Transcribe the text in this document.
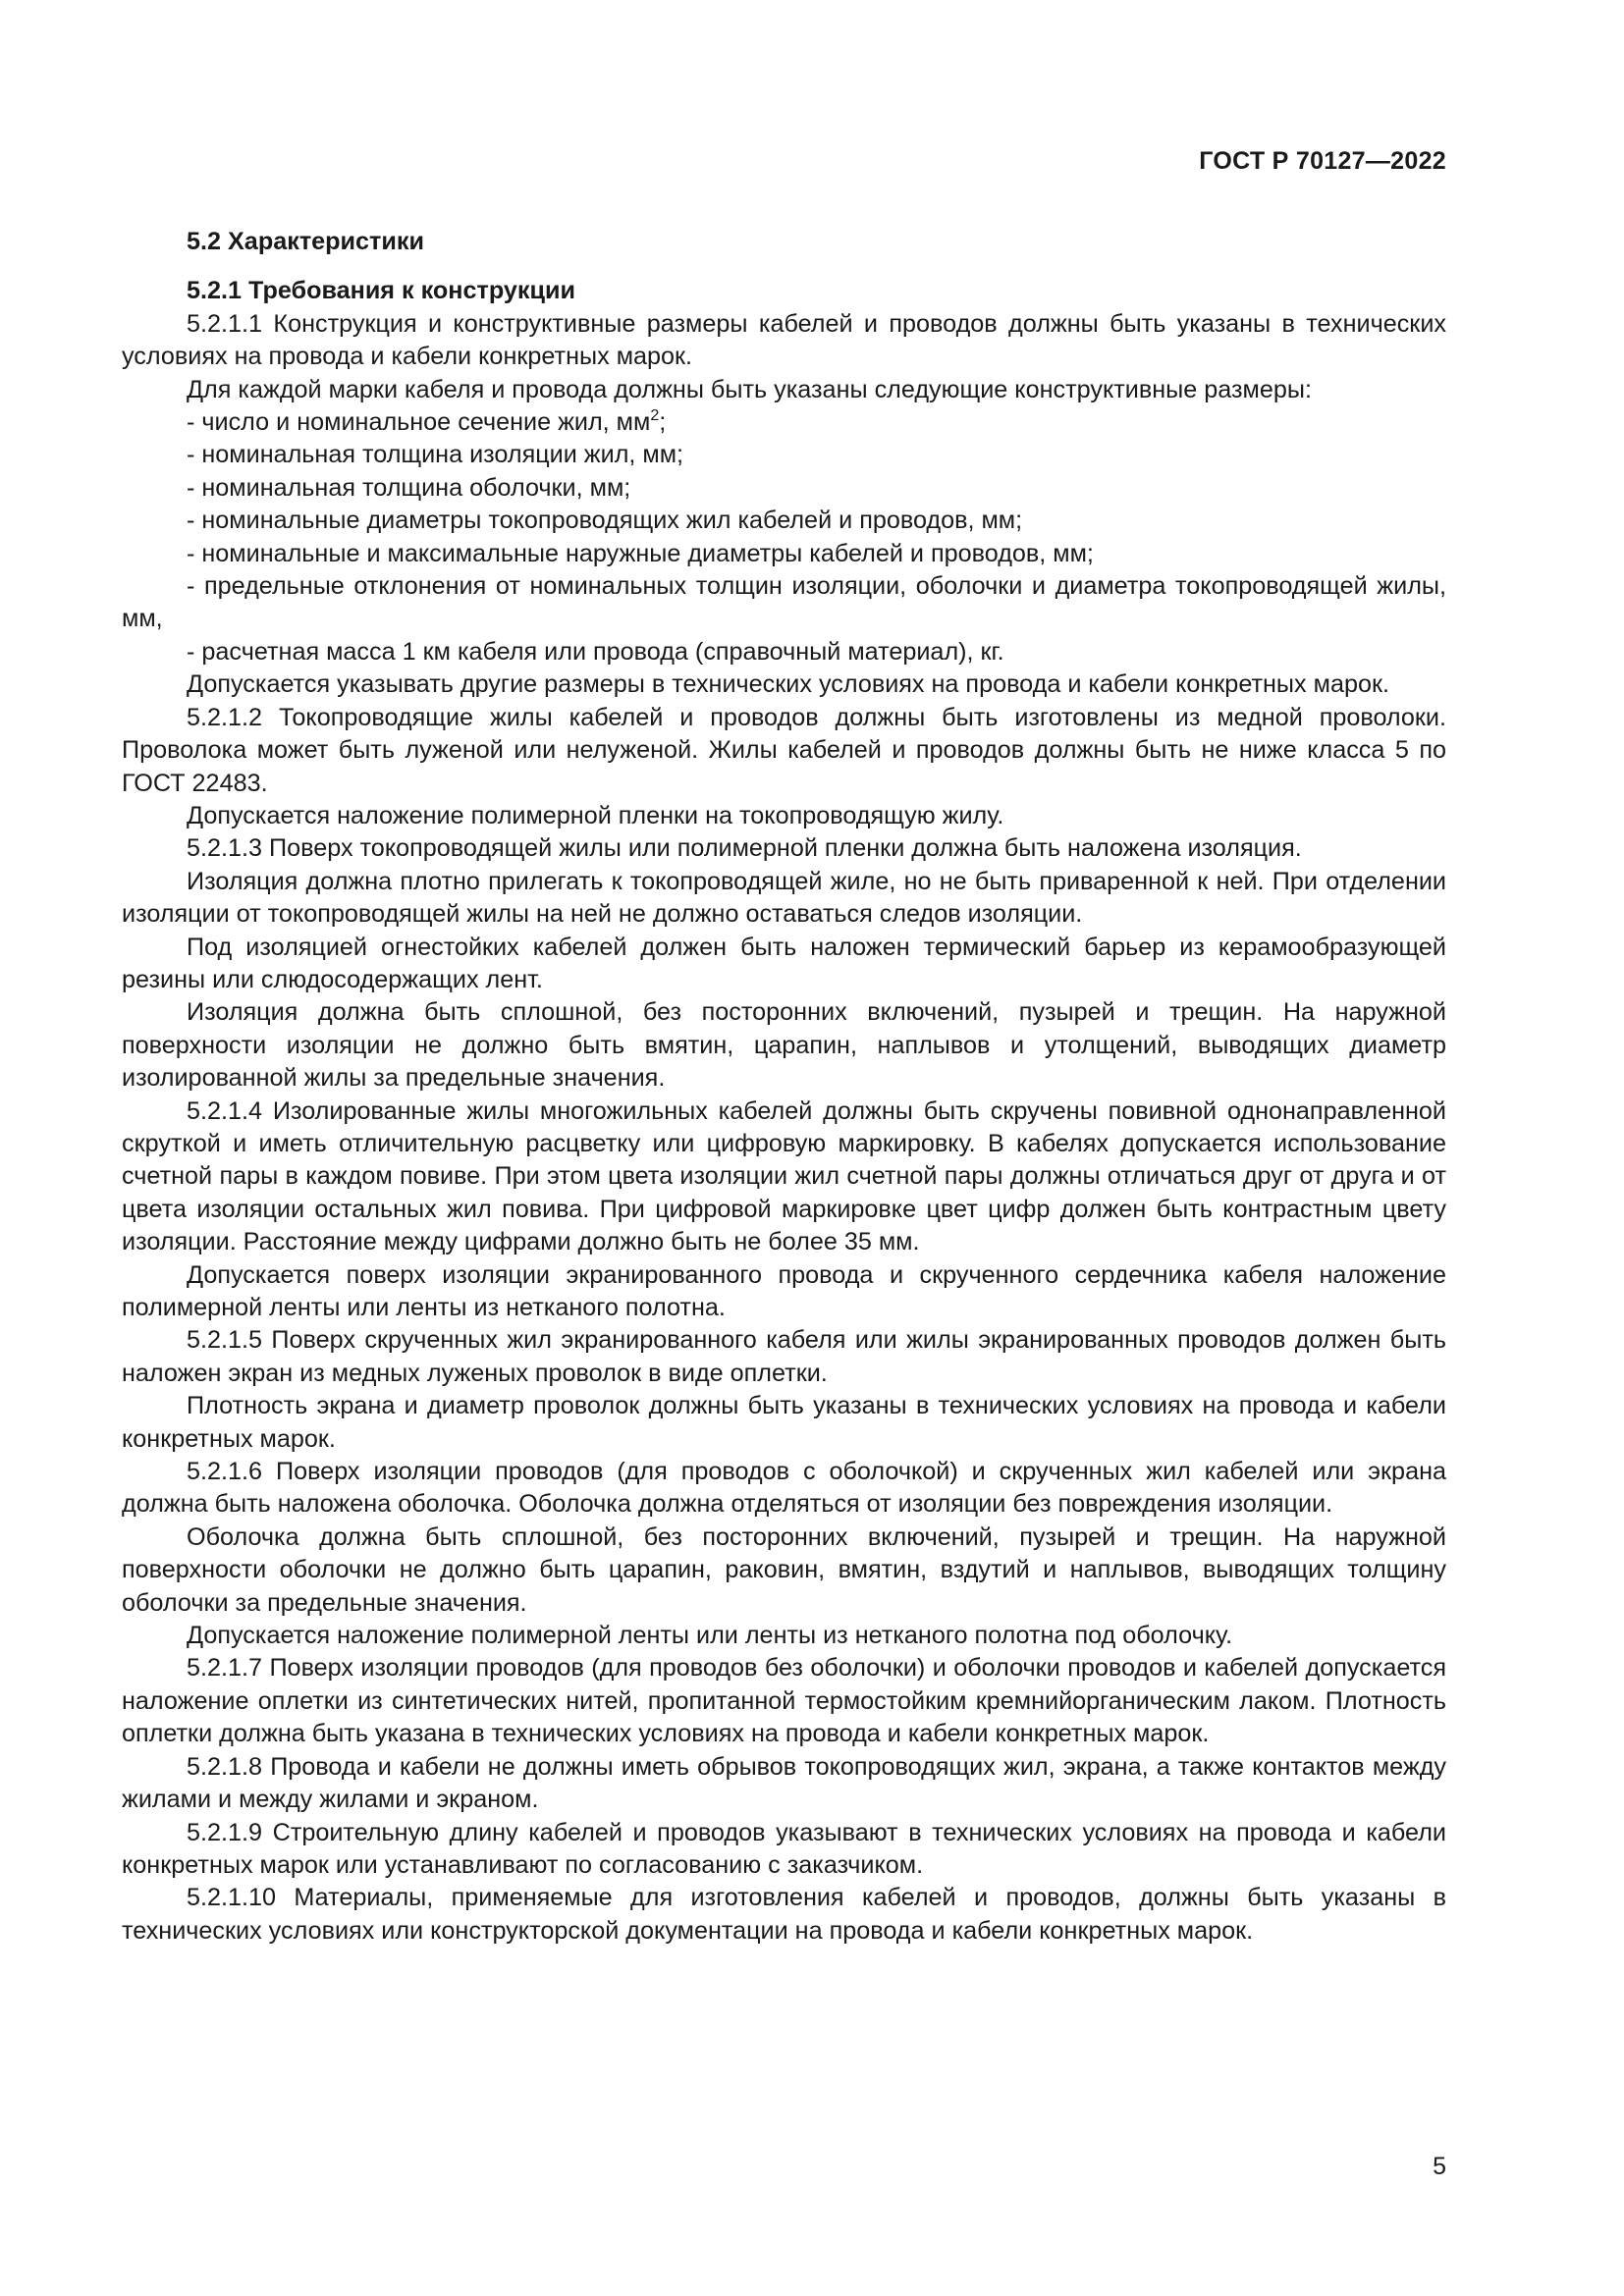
ГОСТ Р 70127—2022

5.2 Характеристики

5.2.1 Требования к конструкции

5.2.1.1 Конструкция и конструктивные размеры кабелей и проводов должны быть указаны в технических условиях на провода и кабели конкретных марок.

Для каждой марки кабеля и провода должны быть указаны следующие конструктивные размеры:

- число и номинальное сечение жил, $мм^2$;

- номинальная толщина изоляции жил, мм;

- номинальная толщина оболочки, мм;

- номинальные диаметры токопроводящих жил кабелей и проводов, мм;

- номинальные и максимальные наружные диаметры кабелей и проводов, мм;

- предельные отклонения от номинальных толщин изоляции, оболочки и диаметра токопроводящей жилы, мм,

- расчетная масса 1 км кабеля или провода (справочный материал), кг.

Допускается указывать другие размеры в технических условиях на провода и кабели конкретных марок.

5.2.1.2 Токопроводящие жилы кабелей и проводов должны быть изготовлены из медной проволоки. Проволока может быть луженой или нелуженой. Жилы кабелей и проводов должны быть не ниже класса 5 по ГОСТ 22483.

Допускается наложение полимерной пленки на токопроводящую жилу.

5.2.1.3 Поверх токопроводящей жилы или полимерной пленки должна быть наложена изоляция.

Изоляция должна плотно прилегать к токопроводящей жиле, но не быть приваренной к ней. При отделении изоляции от токопроводящей жилы на ней не должно оставаться следов изоляции.

Под изоляцией огнестойких кабелей должен быть наложен термический барьер из керамообразующей резины или слюдосодержащих лент.

Изоляция должна быть сплошной, без посторонних включений, пузырей и трещин. На наружной поверхности изоляции не должно быть вмятин, царапин, наплывов и утолщений, выводящих диаметр изолированной жилы за предельные значения.

5.2.1.4 Изолированные жилы многожильных кабелей должны быть скручены повивной однонаправленной скруткой и иметь отличительную расцветку или цифровую маркировку. В кабелях допускается использование счетной пары в каждом повиве. При этом цвета изоляции жил счетной пары должны отличаться друг от друга и от цвета изоляции остальных жил повива. При цифровой маркировке цвет цифр должен быть контрастным цвету изоляции. Расстояние между цифрами должно быть не более 35 мм.

Допускается поверх изоляции экранированного провода и скрученного сердечника кабеля наложение полимерной ленты или ленты из нетканого полотна.

5.2.1.5 Поверх скрученных жил экранированного кабеля или жилы экранированных проводов должен быть наложен экран из медных луженых проволок в виде оплетки.

Плотность экрана и диаметр проволок должны быть указаны в технических условиях на провода и кабели конкретных марок.

5.2.1.6 Поверх изоляции проводов (для проводов с оболочкой) и скрученных жил кабелей или экрана должна быть наложена оболочка. Оболочка должна отделяться от изоляции без повреждения изоляции.

Оболочка должна быть сплошной, без посторонних включений, пузырей и трещин. На наружной поверхности оболочки не должно быть царапин, раковин, вмятин, вздутий и наплывов, выводящих толщину оболочки за предельные значения.

Допускается наложение полимерной ленты или ленты из нетканого полотна под оболочку.

5.2.1.7 Поверх изоляции проводов (для проводов без оболочки) и оболочки проводов и кабелей допускается наложение оплетки из синтетических нитей, пропитанной термостойким кремнийорганическим лаком. Плотность оплетки должна быть указана в технических условиях на провода и кабели конкретных марок.

5.2.1.8 Провода и кабели не должны иметь обрывов токопроводящих жил, экрана, а также контактов между жилами и между жилами и экраном.

5.2.1.9 Строительную длину кабелей и проводов указывают в технических условиях на провода и кабели конкретных марок или устанавливают по согласованию с заказчиком.

5.2.1.10 Материалы, применяемые для изготовления кабелей и проводов, должны быть указаны в технических условиях или конструкторской документации на провода и кабели конкретных марок.

5
